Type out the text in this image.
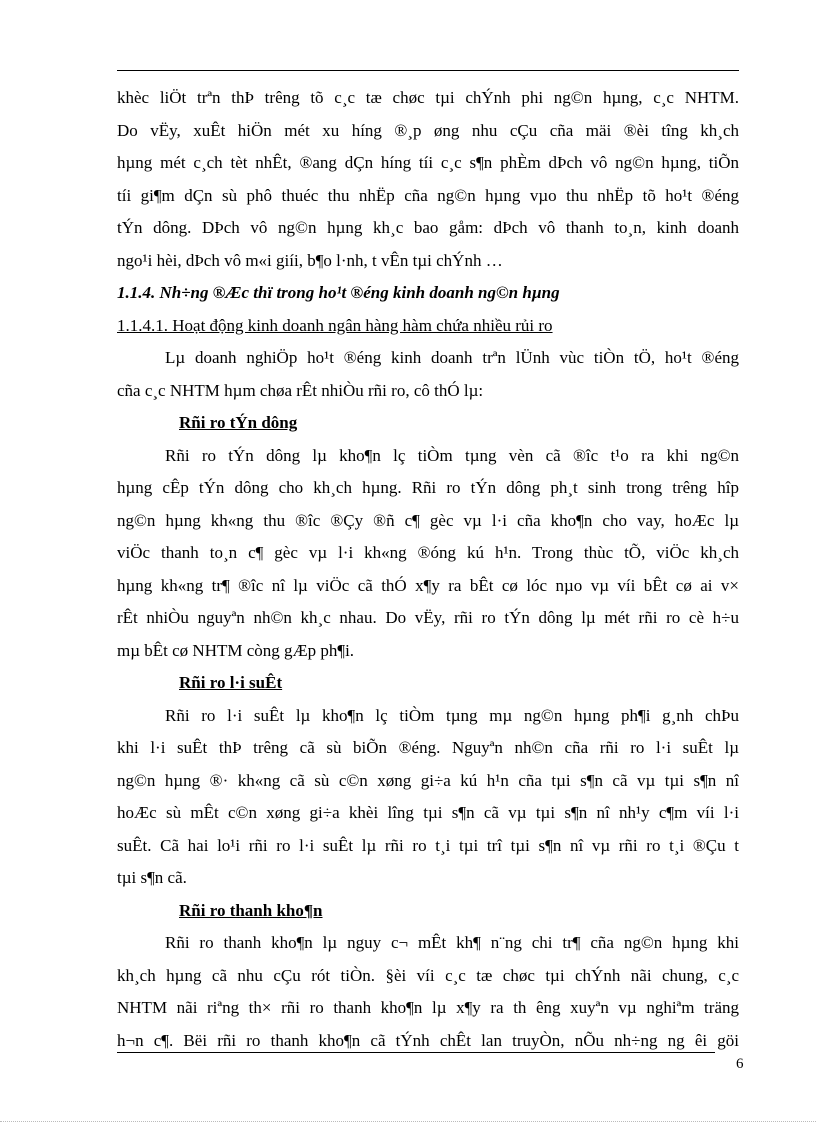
khèc liÖt trªn thÞ trêng tõ c¸c tæ chøc tµi chÝnh phi ng©n hµng, c¸c NHTM.
Do vËy, xuÊt hiÖn mét xu híng ®¸p øng nhu cÇu cña mäi ®èi tîng kh¸ch
hµng mét c¸ch tèt nhÊt, ®ang dÇn híng tíi c¸c s¶n phÈm dÞch vô ng©n hµng, tiÕn
tíi gi¶m dÇn sù phô thuéc thu nhËp cña ng©n hµng vµo thu nhËp tõ ho¹t ®éng
tÝn dông. DÞch vô ng©n hµng kh¸c bao gåm: dÞch vô thanh to¸n, kinh doanh
ngo¹i hèi, dÞch vô m«i giíi, b¶o l·nh, t vÊn tµi chÝnh …
1.1.4. Nh÷ng ®Æc thï trong ho¹t ®éng kinh doanh ng©n hµng
1.1.4.1. Hoạt động kinh doanh ngân hàng hàm chứa nhiều rủi ro
Lµ doanh nghiÖp ho¹t ®éng kinh doanh trªn lÜnh vùc tiÒn tÖ, ho¹t ®éng
cña c¸c NHTM hµm chøa rÊt nhiÒu rñi ro, cô thÓ lµ:
Rñi ro tÝn dông
Rñi ro tÝn dông lµ kho¶n lç tiÒm tµng vèn cã ®îc t¹o ra khi ng©n
hµng cÊp tÝn dông cho kh¸ch hµng. Rñi ro tÝn dông ph¸t sinh trong trêng hîp
ng©n hµng kh«ng thu ®îc ®Çy ®ñ c¶ gèc vµ l·i cña kho¶n cho vay, hoÆc lµ
viÖc thanh to¸n c¶ gèc vµ l·i kh«ng ®óng kú h¹n. Trong thùc tÕ, viÖc kh¸ch
hµng kh«ng tr¶ ®îc nî lµ viÖc cã thÓ x¶y ra bÊt cø lóc nµo vµ víi bÊt cø ai v×
rÊt nhiÒu nguyªn nh©n kh¸c nhau. Do vËy, rñi ro tÝn dông lµ mét rñi ro cè h÷u
mµ bÊt cø NHTM còng gÆp ph¶i.
Rñi ro l·i suÊt
Rñi ro l·i suÊt lµ kho¶n lç tiÒm tµng mµ ng©n hµng ph¶i g¸nh chÞu
khi l·i suÊt thÞ trêng cã sù biÕn ®éng. Nguyªn nh©n cña rñi ro l·i suÊt lµ
ng©n hµng ®· kh«ng cã sù c©n xøng gi÷a kú h¹n cña tµi s¶n cã vµ tµi s¶n nî
hoÆc sù mÊt c©n xøng gi÷a khèi lîng tµi s¶n cã vµ tµi s¶n nî nh¹y c¶m víi l·i
suÊt. Cã hai lo¹i rñi ro l·i suÊt lµ rñi ro t¸i tµi trî tµi s¶n nî vµ rñi ro t¸i ®Çu t
tµi s¶n cã.
Rñi ro thanh kho¶n
Rñi ro thanh kho¶n lµ nguy c¬ mÊt kh¶ n¨ng chi tr¶ cña ng©n hµng khi
kh¸ch hµng cã nhu cÇu rót tiÒn. §èi víi c¸c tæ chøc tµi chÝnh nãi chung, c¸c
NHTM nãi riªng th× rñi ro thanh kho¶n lµ x¶y ra th êng xuyªn vµ nghiªm träng
h¬n c¶. Bëi rñi ro thanh kho¶n cã tÝnh chÊt lan truyÒn, nÕu nh÷ng ng êi göi
6
